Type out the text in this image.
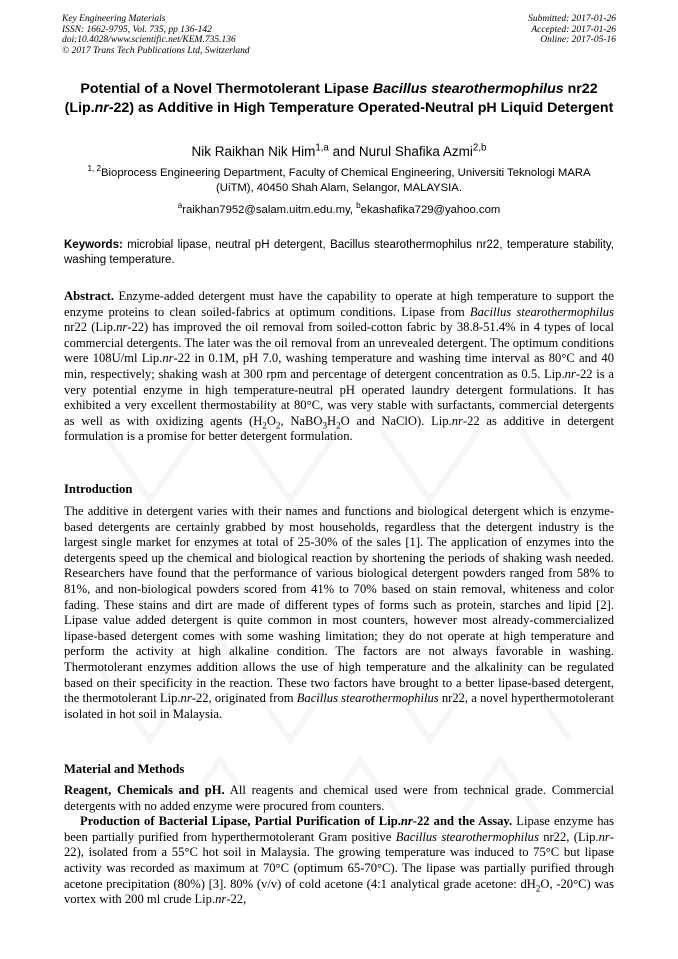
Key Engineering Materials
ISSN: 1662-9795, Vol. 735, pp 136-142
doi:10.4028/www.scientific.net/KEM.735.136
© 2017 Trans Tech Publications Ltd, Switzerland
Submitted: 2017-01-26
Accepted: 2017-01-26
Online: 2017-05-16
Potential of a Novel Thermotolerant Lipase Bacillus stearothermophilus nr22 (Lip.nr-22) as Additive in High Temperature Operated-Neutral pH Liquid Detergent
Nik Raikhan Nik Him$^{1,a}$ and Nurul Shafika Azmi$^{2,b}$
$^{1, 2}$Bioprocess Engineering Department, Faculty of Chemical Engineering, Universiti Teknologi MARA (UiTM), 40450 Shah Alam, Selangor, MALAYSIA.
$^a$raikhan7952@salam.uitm.edu.my, $^b$ekashafika729@yahoo.com
Keywords: microbial lipase, neutral pH detergent, Bacillus stearothermophilus nr22, temperature stability, washing temperature.
Abstract. Enzyme-added detergent must have the capability to operate at high temperature to support the enzyme proteins to clean soiled-fabrics at optimum conditions. Lipase from Bacillus stearothermophilus nr22 (Lip.nr-22) has improved the oil removal from soiled-cotton fabric by 38.8-51.4% in 4 types of local commercial detergents. The later was the oil removal from an unrevealed detergent. The optimum conditions were 108U/ml Lip.nr-22 in 0.1M, pH 7.0, washing temperature and washing time interval as 80°C and 40 min, respectively; shaking wash at 300 rpm and percentage of detergent concentration as 0.5. Lip.nr-22 is a very potential enzyme in high temperature-neutral pH operated laundry detergent formulations. It has exhibited a very excellent thermostability at 80°C, was very stable with surfactants, commercial detergents as well as with oxidizing agents ($H_2O_2$, $NaBO_3H_2O$ and NaClO). Lip.nr-22 as additive in detergent formulation is a promise for better detergent formulation.
Introduction
The additive in detergent varies with their names and functions and biological detergent which is enzyme-based detergents are certainly grabbed by most households, regardless that the detergent industry is the largest single market for enzymes at total of 25-30% of the sales [1]. The application of enzymes into the detergents speed up the chemical and biological reaction by shortening the periods of shaking wash needed. Researchers have found that the performance of various biological detergent powders ranged from 58% to 81%, and non-biological powders scored from 41% to 70% based on stain removal, whiteness and color fading. These stains and dirt are made of different types of forms such as protein, starches and lipid [2]. Lipase value added detergent is quite common in most counters, however most already-commercialized lipase-based detergent comes with some washing limitation; they do not operate at high temperature and perform the activity at high alkaline condition. The factors are not always favorable in washing. Thermotolerant enzymes addition allows the use of high temperature and the alkalinity can be regulated based on their specificity in the reaction. These two factors have brought to a better lipase-based detergent, the thermotolerant Lip.nr-22, originated from Bacillus stearothermophilus nr22, a novel hyperthermotolerant isolated in hot soil in Malaysia.
Material and Methods

Reagent, Chemicals and pH. All reagents and chemical used were from technical grade. Commercial detergents with no added enzyme were procured from counters.

Production of Bacterial Lipase, Partial Purification of Lip.nr-22 and the Assay. Lipase enzyme has been partially purified from hyperthermotolerant Gram positive Bacillus stearothermophilus nr22, (Lip.nr-22), isolated from a 55°C hot soil in Malaysia. The growing temperature was induced to 75°C but lipase activity was recorded as maximum at 70°C (optimum 65-70°C). The lipase was partially purified through acetone precipitation (80%) [3]. 80% (v/v) of cold acetone (4:1 analytical grade acetone: $dH_2O$, -20°C) was vortex with 200 ml crude Lip.nr-22,
